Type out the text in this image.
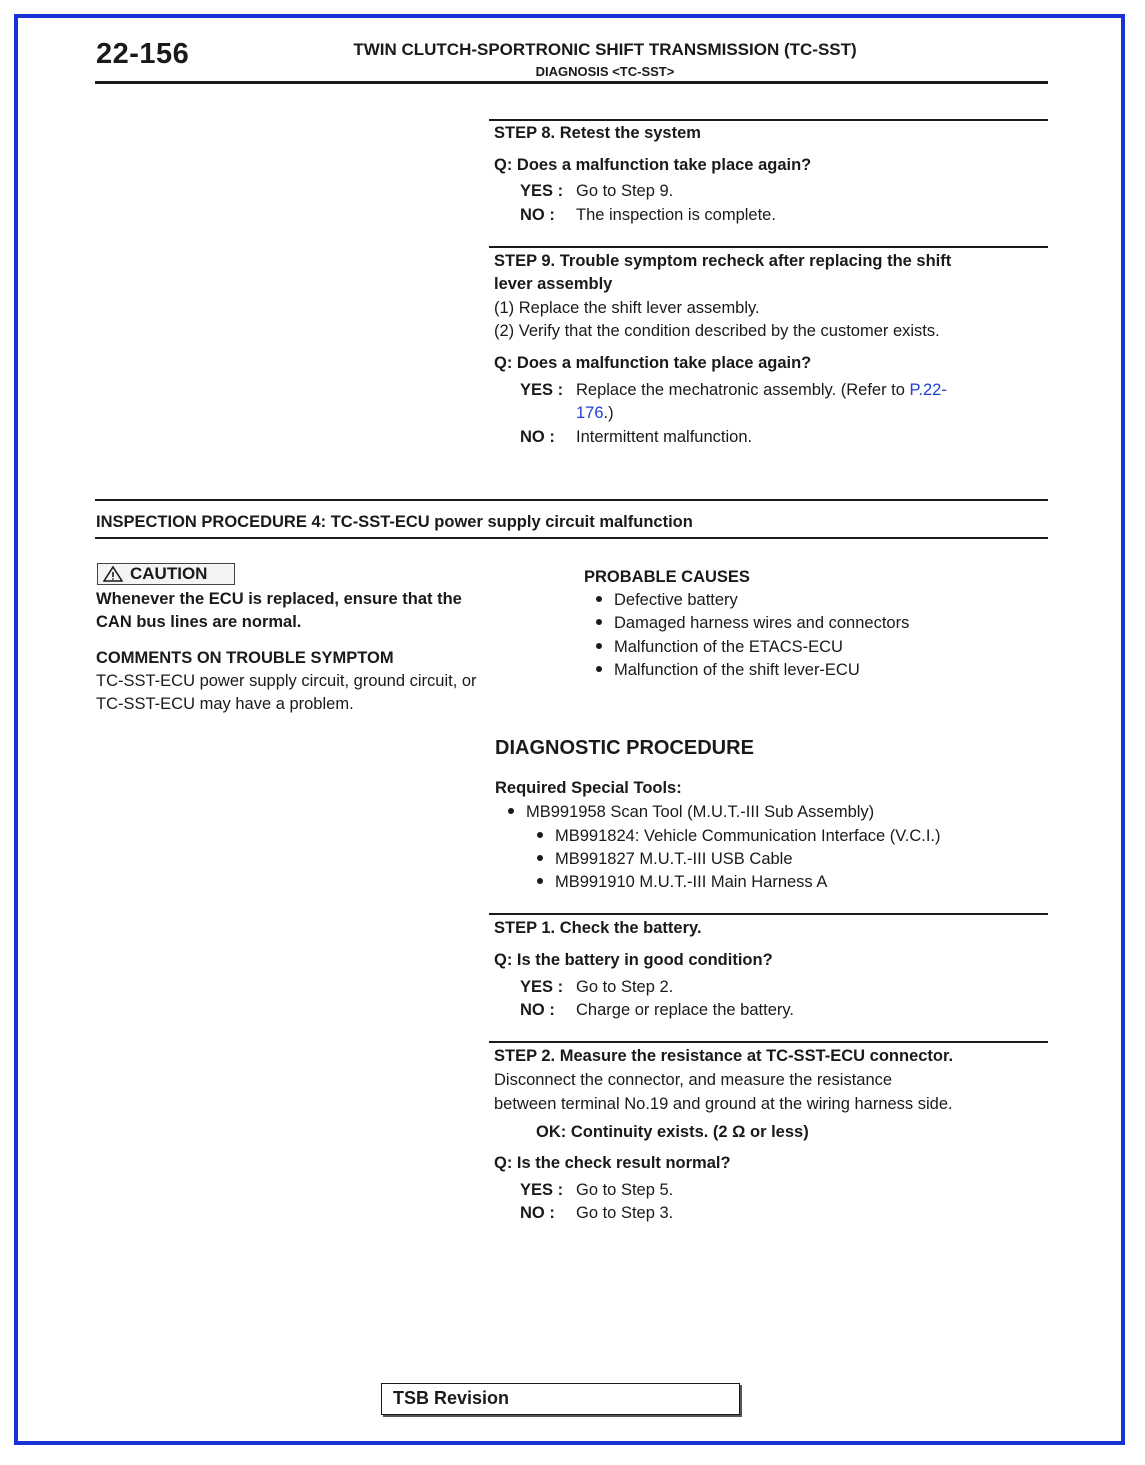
22-156	TWIN CLUTCH-SPORTRONIC SHIFT TRANSMISSION (TC-SST)
DIAGNOSIS <TC-SST>
STEP 8. Retest the system
Q: Does a malfunction take place again?
YES : Go to Step 9.
NO : The inspection is complete.
STEP 9. Trouble symptom recheck after replacing the shift
lever assembly
(1) Replace the shift lever assembly.
(2) Verify that the condition described by the customer exists.
Q: Does a malfunction take place again?
YES : Replace the mechatronic assembly. (Refer to P.22-
176.)
NO : Intermittent malfunction.
INSPECTION PROCEDURE 4: TC-SST-ECU power supply circuit malfunction
CAUTION
Whenever the ECU is replaced, ensure that the
CAN bus lines are normal.
COMMENTS ON TROUBLE SYMPTOM
TC-SST-ECU power supply circuit, ground circuit, or
TC-SST-ECU may have a problem.
PROBABLE CAUSES
Defective battery
Damaged harness wires and connectors
Malfunction of the ETACS-ECU
Malfunction of the shift lever-ECU
DIAGNOSTIC PROCEDURE
Required Special Tools:
MB991958 Scan Tool (M.U.T.-III Sub Assembly)
MB991824: Vehicle Communication Interface (V.C.I.)
MB991827 M.U.T.-III USB Cable
MB991910 M.U.T.-III Main Harness A
STEP 1. Check the battery.
Q: Is the battery in good condition?
YES : Go to Step 2.
NO : Charge or replace the battery.
STEP 2. Measure the resistance at TC-SST-ECU connector.
Disconnect the connector, and measure the resistance
between terminal No.19 and ground at the wiring harness side.
OK: Continuity exists. (2 Ω or less)
Q: Is the check result normal?
YES : Go to Step 5.
NO : Go to Step 3.
TSB Revision
